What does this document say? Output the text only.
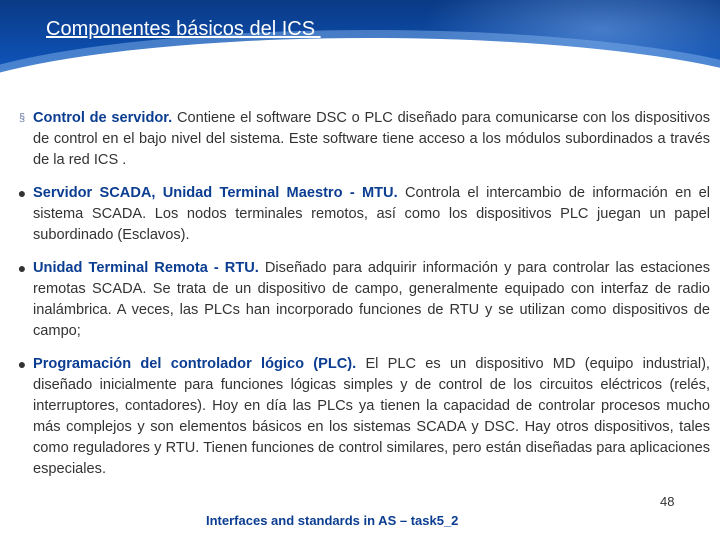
Componentes básicos del ICS
§ Control de servidor. Contiene el software DSC o PLC diseñado para comunicarse con los dispositivos de control en el bajo nivel del sistema. Este software tiene acceso a los módulos subordinados a través de la red ICS .
● Servidor SCADA, Unidad Terminal Maestro - MTU. Controla el intercambio de información en el sistema SCADA. Los nodos terminales remotos, así como los dispositivos PLC juegan un papel subordinado (Esclavos).
● Unidad Terminal Remota - RTU. Diseñado para adquirir información y para controlar las estaciones remotas SCADA. Se trata de un dispositivo de campo, generalmente equipado con interfaz de radio inalámbrica. A veces, las PLCs han incorporado funciones de RTU y se utilizan como dispositivos de campo;
● Programación del controlador lógico (PLC). El PLC es un dispositivo MD (equipo industrial), diseñado inicialmente para funciones lógicas simples y de control de los circuitos eléctricos (relés, interruptores, contadores). Hoy en día las PLCs ya tienen la capacidad de controlar procesos mucho más complejos y son elementos básicos en los sistemas SCADA y DSC. Hay otros dispositivos, tales como reguladores y RTU. Tienen funciones de control similares, pero están diseñadas para aplicaciones especiales.
48
Interfaces and standards in AS – task5_2
